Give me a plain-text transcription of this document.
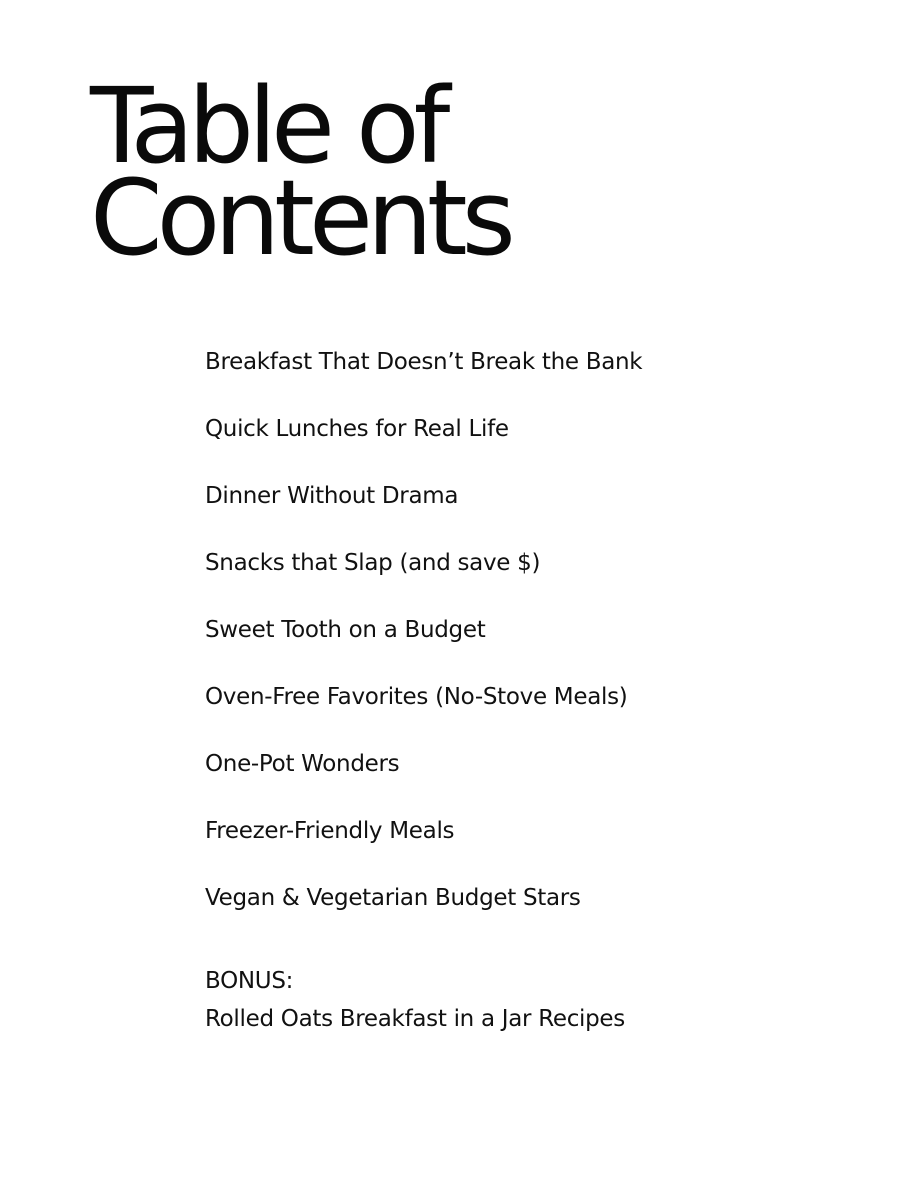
Table of
Contents
Breakfast That Doesn’t Break the Bank
Quick Lunches for Real Life
Dinner Without Drama
Snacks that Slap (and save $)
Sweet Tooth on a Budget
Oven-Free Favorites (No-Stove Meals)
One-Pot Wonders
Freezer-Friendly Meals
Vegan & Vegetarian Budget Stars
BONUS:
Rolled Oats Breakfast in a Jar Recipes
